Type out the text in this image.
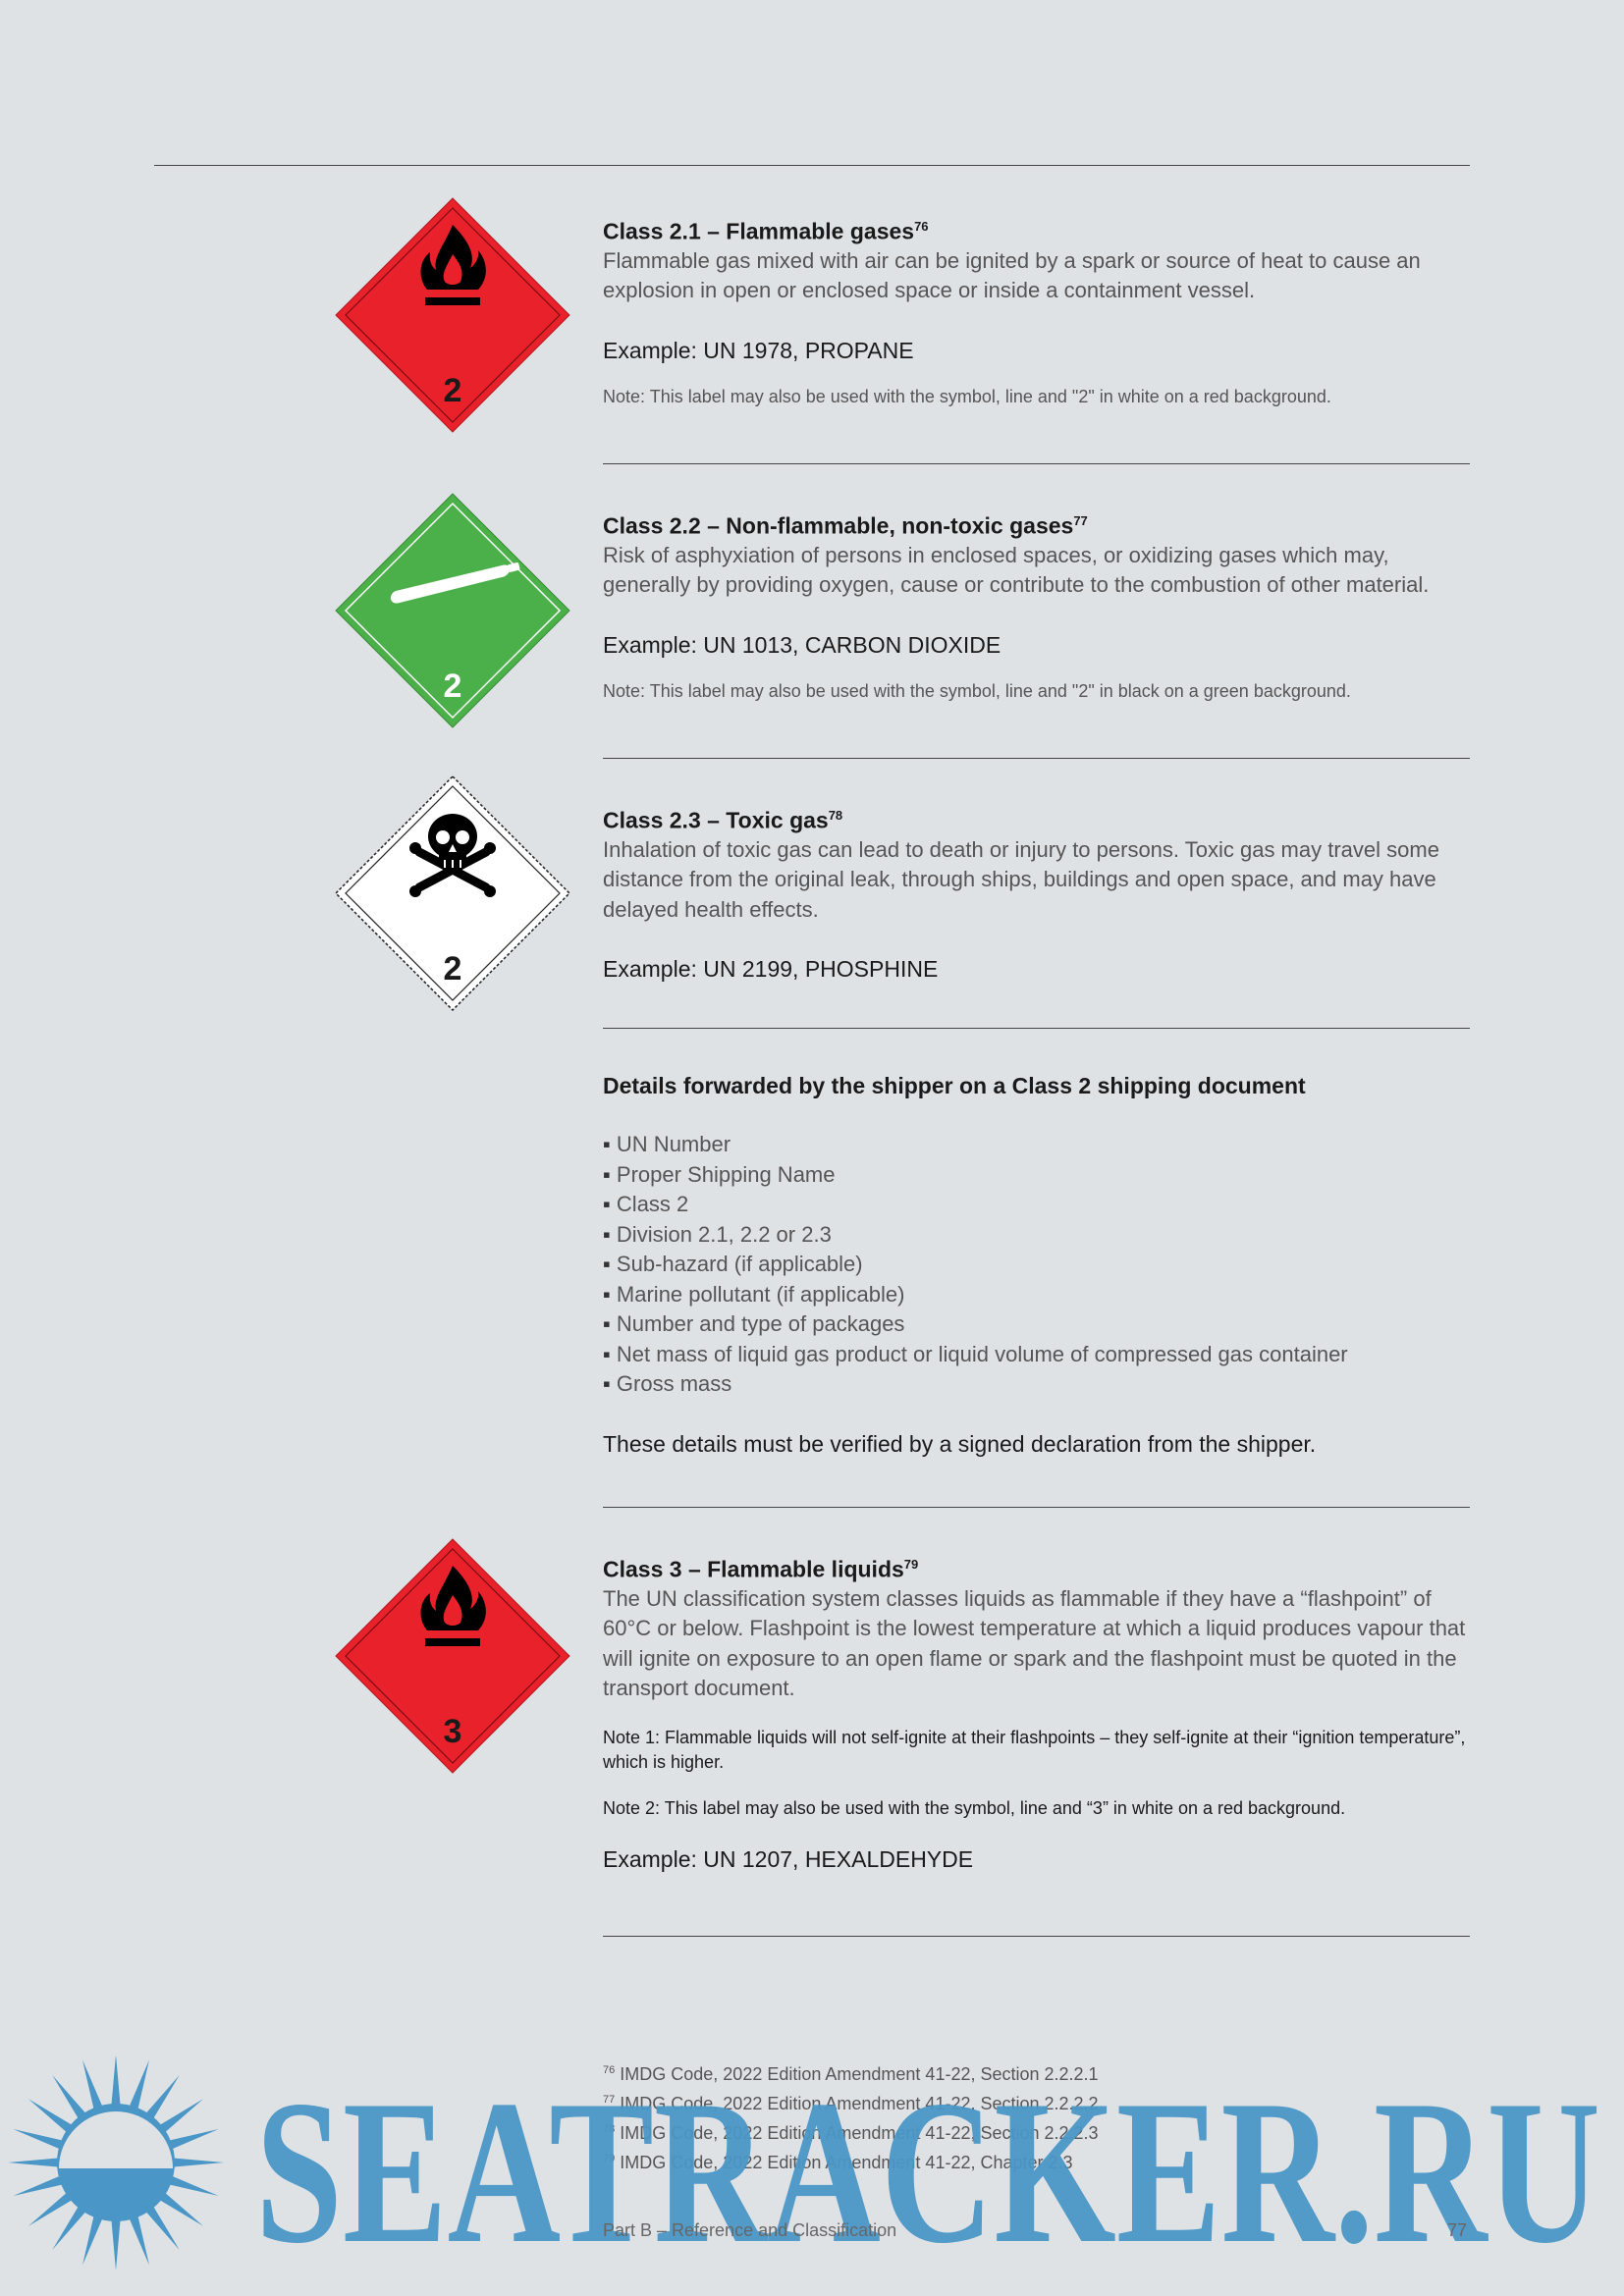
2
Class 2.1 – Flammable gases$^{76}$

Flammable gas mixed with air can be ignited by a spark or source of heat to cause an explosion in open or enclosed space or inside a containment vessel.

Example: UN 1978, PROPANE

Note: This label may also be used with the symbol, line and "2" in white on a red background.

2
Class 2.2 – Non-flammable, non-toxic gases$^{77}$

Risk of asphyxiation of persons in enclosed spaces, or oxidizing gases which may, generally by providing oxygen, cause or contribute to the combustion of other material.

Example: UN 1013, CARBON DIOXIDE

Note: This label may also be used with the symbol, line and "2" in black on a green background.

2
Class 2.3 – Toxic gas$^{78}$

Inhalation of toxic gas can lead to death or injury to persons. Toxic gas may travel some distance from the original leak, through ships, buildings and open space, and may have delayed health effects.

Example: UN 2199, PHOSPHINE

Details forwarded by the shipper on a Class 2 shipping document
▪ UN Number
▪ Proper Shipping Name
▪ Class 2
▪ Division 2.1, 2.2 or 2.3
▪ Sub-hazard (if applicable)
▪ Marine pollutant (if applicable)
▪ Number and type of packages
▪ Net mass of liquid gas product or liquid volume of compressed gas container
▪ Gross mass

These details must be verified by a signed declaration from the shipper.

3
Class 3 – Flammable liquids$^{79}$

The UN classification system classes liquids as flammable if they have a “flashpoint” of 60°C or below. Flashpoint is the lowest temperature at which a liquid produces vapour that will ignite on exposure to an open flame or spark and the flashpoint must be quoted in the transport document.

Note 1: Flammable liquids will not self-ignite at their flashpoints – they self-ignite at their “ignition temperature”, which is higher.

Note 2: This label may also be used with the symbol, line and “3” in white on a red background.

Example: UN 1207, HEXALDEHYDE

$^{76}$ IMDG Code, 2022 Edition Amendment 41-22, Section 2.2.2.1
$^{77}$ IMDG Code, 2022 Edition Amendment 41-22, Section 2.2.2.2
$^{78}$ IMDG Code, 2022 Edition Amendment 41-22, Section 2.2.2.3
$^{79}$ IMDG Code, 2022 Edition Amendment 41-22, Chapter 2.3
SEATRACKER.RU
Part B – Reference and Classification	77
